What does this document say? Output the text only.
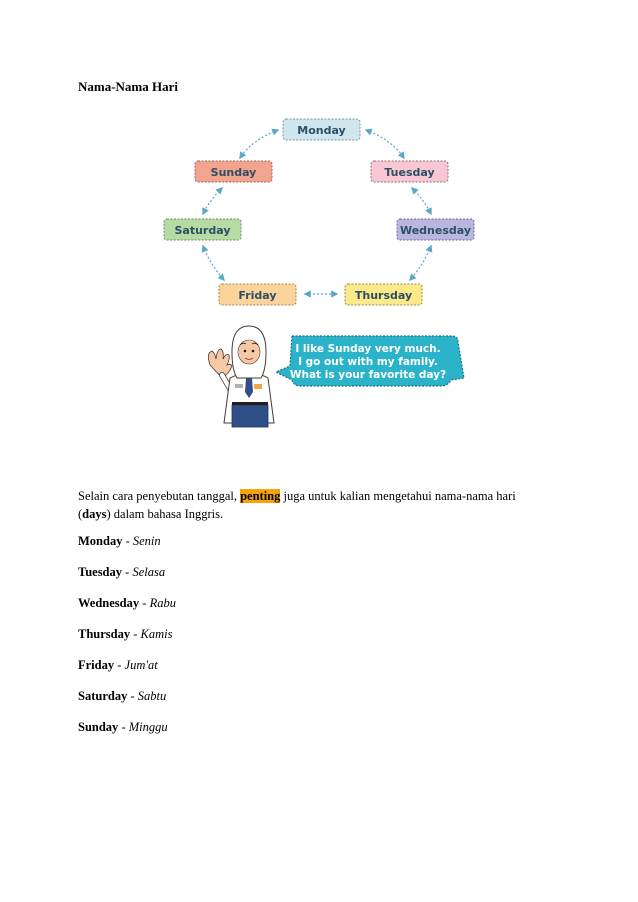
Nama-Nama Hari
Monday
Tuesday
Wednesday
Thursday
Friday
Saturday
Sunday
I like Sunday very much.
I go out with my family.
What is your favorite day?
Selain cara penyebutan tanggal, penting juga untuk kalian mengetahui nama-nama hari (days) dalam bahasa Inggris.
Monday - Senin
Tuesday - Selasa
Wednesday - Rabu
Thursday - Kamis
Friday - Jum'at
Saturday - Sabtu
Sunday - Minggu
